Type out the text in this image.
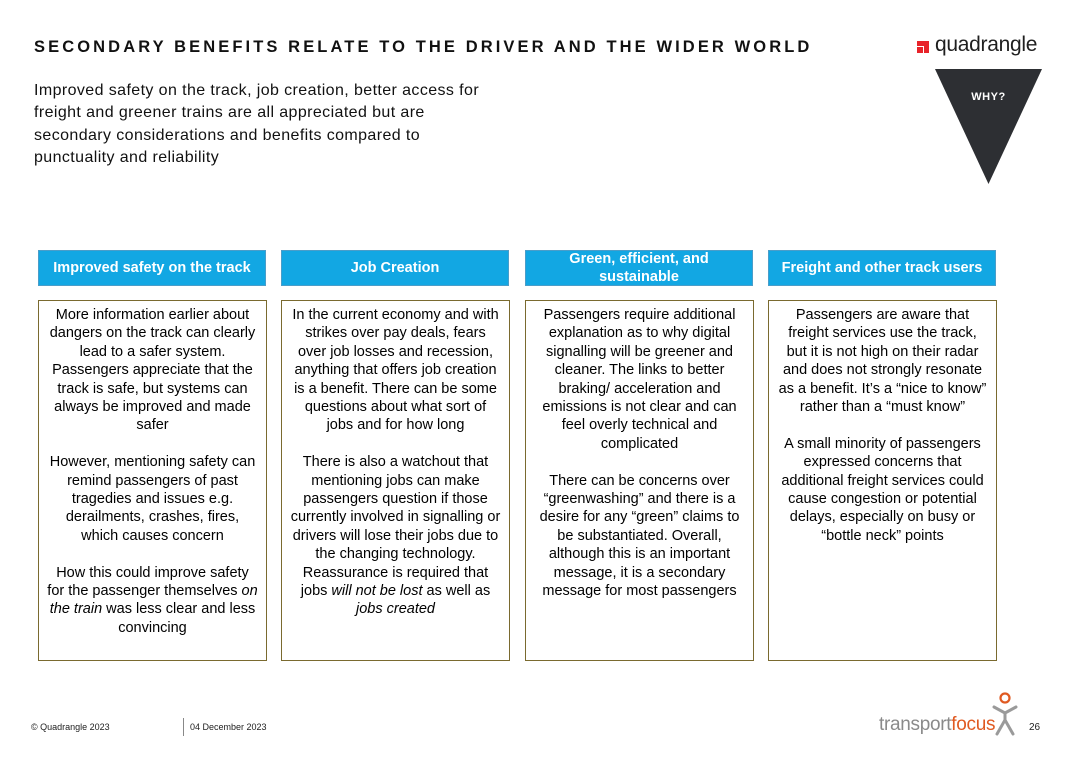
SECONDARY BENEFITS RELATE TO THE DRIVER AND THE WIDER WORLD
Improved safety on the track, job creation, better access for
freight and greener trains are all appreciated but are
secondary considerations and benefits compared to
punctuality and reliability
quadrangle
WHY?
Improved safety on the track	Job Creation
Green, efficient, and sustainable
Freight and other track users

More information earlier about dangers on the track can clearly lead to a safer system. Passengers appreciate that the track is safe, but systems can always be improved and made safer

However, mentioning safety can remind passengers of past tragedies and issues e.g. derailments, crashes, fires, which causes concern

How this could improve safety for the passenger themselves on the train was less clear and less convincing

In the current economy and with strikes over pay deals, fears over job losses and recession, anything that offers job creation is a benefit. There can be some questions about what sort of jobs and for how long

There is also a watchout that mentioning jobs can make passengers question if those currently involved in signalling or drivers will lose their jobs due to the changing technology. Reassurance is required that jobs will not be lost as well as jobs created

Passengers require additional explanation as to why digital signalling will be greener and cleaner. The links to better braking/ acceleration and emissions is not clear and can feel overly technical and complicated

There can be concerns over “greenwashing” and there is a desire for any “green” claims to be substantiated. Overall, although this is an important message, it is a secondary message for most passengers

Passengers are aware that freight services use the track, but it is not high on their radar and does not strongly resonate as a benefit. It’s a “nice to know” rather than a “must know”

A small minority of passengers expressed concerns that additional freight services could cause congestion or potential delays, especially on busy or “bottle neck” points

© Quadrangle 2023	04 December 2023	transportfocus	26
